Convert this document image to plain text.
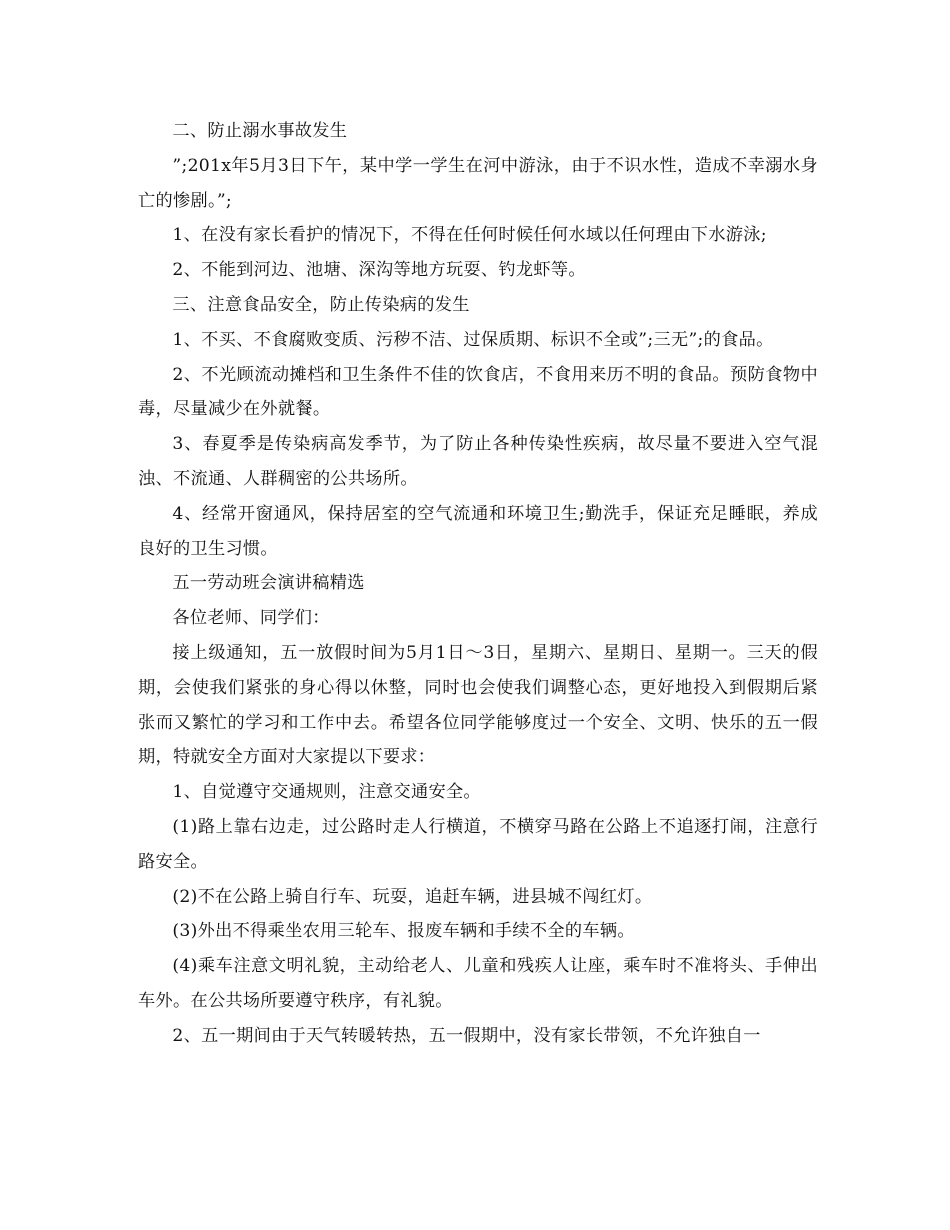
二、防止溺水事故发生

”;201x年5月3日下午，某中学一学生在河中游泳，由于不识水性，造成不幸溺水身亡的惨剧。”;

1、在没有家长看护的情况下，不得在任何时候任何水域以任何理由下水游泳;

2、不能到河边、池塘、深沟等地方玩耍、钓龙虾等。

三、注意食品安全，防止传染病的发生

1、不买、不食腐败变质、污秽不洁、过保质期、标识不全或”;三无”;的食品。

2、不光顾流动摊档和卫生条件不佳的饮食店，不食用来历不明的食品。预防食物中毒，尽量减少在外就餐。

3、春夏季是传染病高发季节，为了防止各种传染性疾病，故尽量不要进入空气混浊、不流通、人群稠密的公共场所。

4、经常开窗通风，保持居室的空气流通和环境卫生;勤洗手，保证充足睡眠，养成良好的卫生习惯。

五一劳动班会演讲稿精选

各位老师、同学们：

接上级通知，五一放假时间为5月1日～3日，星期六、星期日、星期一。三天的假期，会使我们紧张的身心得以休整，同时也会使我们调整心态，更好地投入到假期后紧张而又繁忙的学习和工作中去。希望各位同学能够度过一个安全、文明、快乐的五一假期，特就安全方面对大家提以下要求：

1、自觉遵守交通规则，注意交通安全。

(1)路上靠右边走，过公路时走人行横道，不横穿马路在公路上不追逐打闹，注意行路安全。

(2)不在公路上骑自行车、玩耍，追赶车辆，进县城不闯红灯。

(3)外出不得乘坐农用三轮车、报废车辆和手续不全的车辆。

(4)乘车注意文明礼貌，主动给老人、儿童和残疾人让座，乘车时不准将头、手伸出车外。在公共场所要遵守秩序，有礼貌。

2、五一期间由于天气转暖转热，五一假期中，没有家长带领，不允许独自一
